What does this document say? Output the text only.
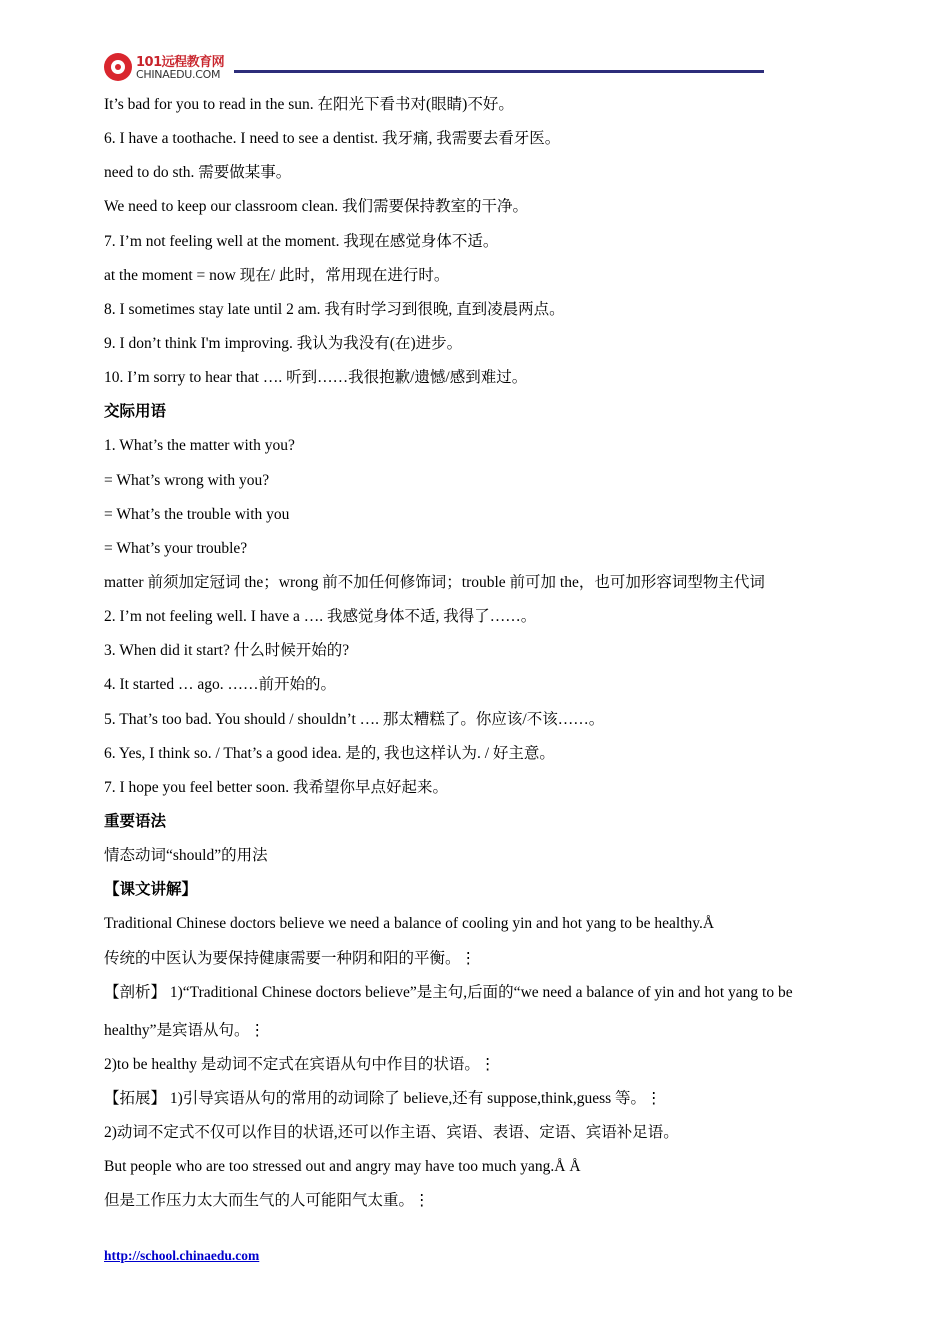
101远程教育网
CHINAEDU.COM
It’s bad for you to read in the sun. 在阳光下看书对(眼睛)不好。
6. I have a toothache. I need to see a dentist. 我牙痛, 我需要去看牙医。
need to do sth. 需要做某事。
We need to keep our classroom clean. 我们需要保持教室的干净。
7. I’m not feeling well at the moment. 我现在感觉身体不适。
at the moment = now 现在/ 此时，常用现在进行时。
8. I sometimes stay late until 2 am. 我有时学习到很晚, 直到凌晨两点。
9. I don’t think I'm improving. 我认为我没有(在)进步。
10. I’m sorry to hear that …. 听到……我很抱歉/遗憾/感到难过。
交际用语
1. What’s the matter with you?
= What’s wrong with you?
= What’s the trouble with you
= What’s your trouble?
matter 前须加定冠词 the；wrong 前不加任何修饰词；trouble 前可加 the，也可加形容词型物主代词
2. I’m not feeling well. I have a …. 我感觉身体不适, 我得了……。
3. When did it start? 什么时候开始的?
4. It started … ago. ……前开始的。
5. That’s too bad. You should / shouldn’t …. 那太糟糕了。你应该/不该……。
6. Yes, I think so. / That’s a good idea. 是的, 我也这样认为. / 好主意。
7. I hope you feel better soon. 我希望你早点好起来。
重要语法
情态动词“should”的用法
【课文讲解】
Traditional Chinese doctors believe we need a balance of cooling yin and hot yang to be healthy.Å
传统的中医认为要保持健康需要一种阴和阳的平衡。⋮
【剖析】 1)“Traditional Chinese doctors believe”是主句,后面的“we need a balance of yin and hot yang to be
healthy”是宾语从句。⋮
2)to be healthy 是动词不定式在宾语从句中作目的状语。⋮
【拓展】 1)引导宾语从句的常用的动词除了 believe,还有 suppose,think,guess 等。⋮
2)动词不定式不仅可以作目的状语,还可以作主语、宾语、表语、定语、宾语补足语。
But people who are too stressed out and angry may have too much yang.Å Å
但是工作压力太大而生气的人可能阳气太重。⋮
http://school.chinaedu.com
